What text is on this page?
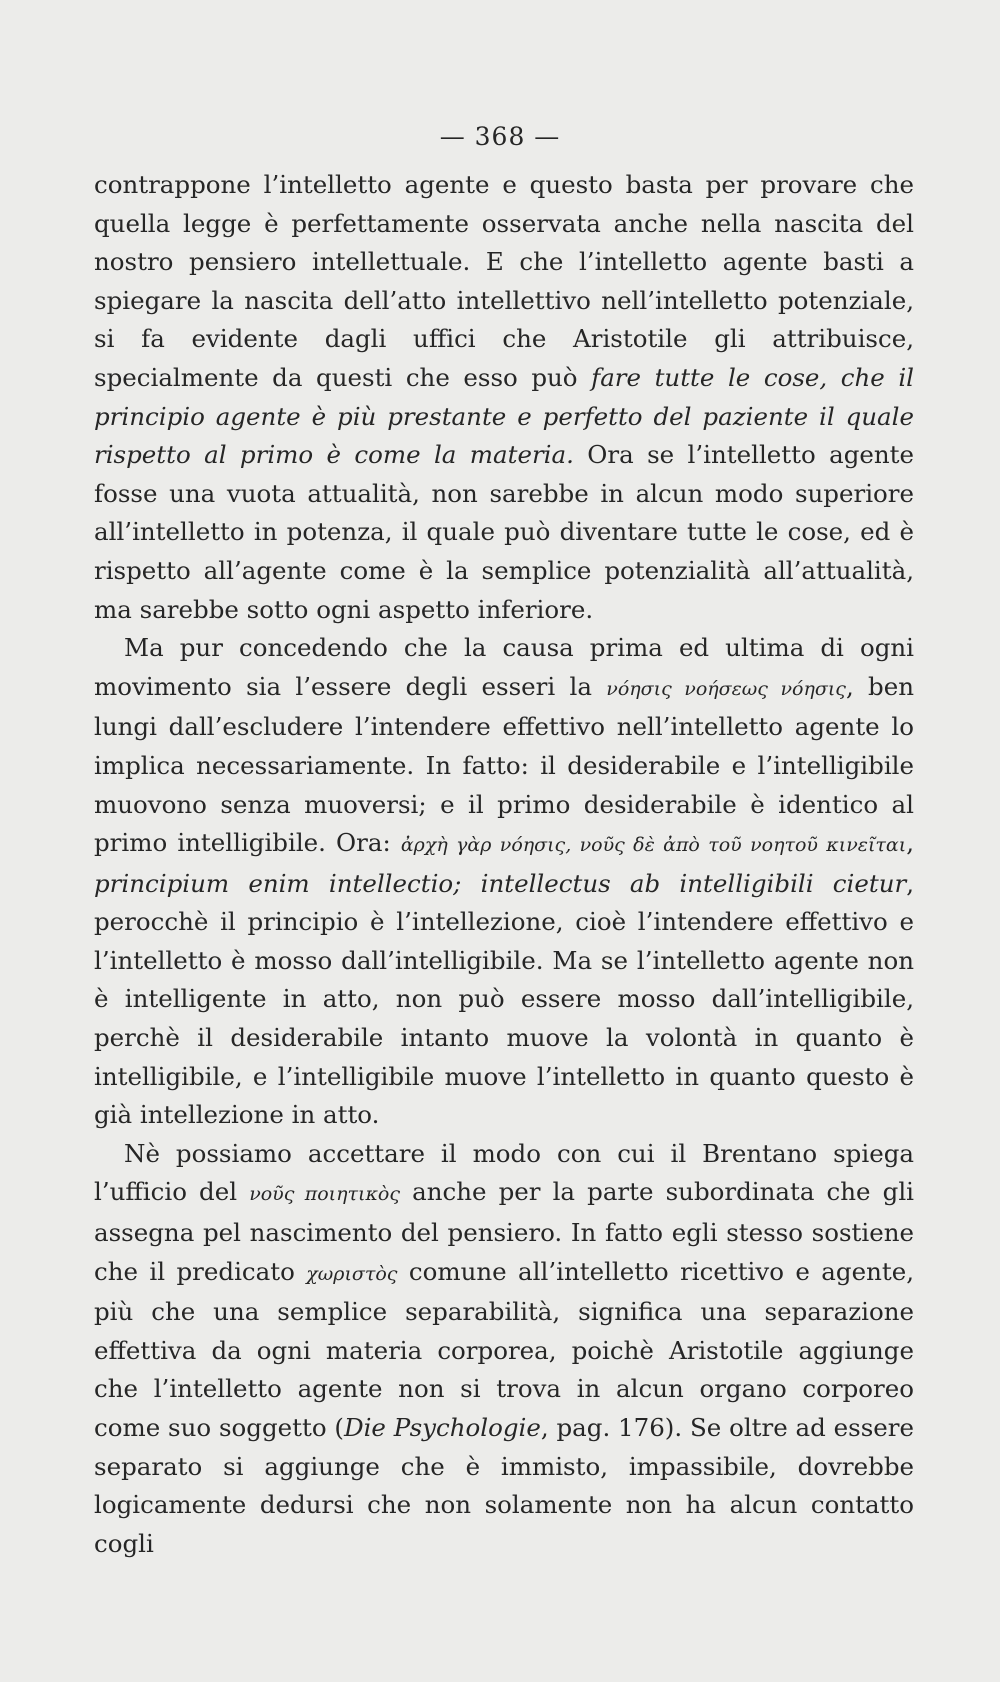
— 368 —

contrappone l’intelletto agente e questo basta per provare che quella legge è perfettamente osservata anche nella nascita del nostro pensiero intellettuale. E che l’intelletto agente basti a spiegare la nascita dell’atto intellettivo nell’intelletto potenziale, si fa evidente dagli uffici che Aristotile gli attribuisce, specialmente da questi che esso può fare tutte le cose, che il principio agente è più prestante e perfetto del paziente il quale rispetto al primo è come la materia. Ora se l’intelletto agente fosse una vuota attualità, non sarebbe in alcun modo superiore all’intelletto in potenza, il quale può diventare tutte le cose, ed è rispetto all’agente come è la semplice potenzialità all’attualità, ma sarebbe sotto ogni aspetto inferiore.

Ma pur concedendo che la causa prima ed ultima di ogni movimento sia l’essere degli esseri la νόησις νοήσεως νόησις, ben lungi dall’escludere l’intendere effettivo nell’intelletto agente lo implica necessariamente. In fatto: il desiderabile e l’intelligibile muovono senza muoversi; e il primo desiderabile è identico al primo intelligibile. Ora: ἀρχὴ γὰρ νόησις, νοῦς δὲ ἀπὸ τοῦ νοητοῦ κινεῖται, principium enim intellectio; intellectus ab intelligibili cietur, perocchè il principio è l’intellezione, cioè l’intendere effettivo e l’intelletto è mosso dall’intelligibile. Ma se l’intelletto agente non è intelligente in atto, non può essere mosso dall’intelligibile, perchè il desiderabile intanto muove la volontà in quanto è intelligibile, e l’intelligibile muove l’intelletto in quanto questo è già intellezione in atto.

Nè possiamo accettare il modo con cui il Brentano spiega l’ufficio del νοῦς ποιητικὸς anche per la parte subordinata che gli assegna pel nascimento del pensiero. In fatto egli stesso sostiene che il predicato χωριστὸς comune all’intelletto ricettivo e agente, più che una semplice separabilità, significa una separazione effettiva da ogni materia corporea, poichè Aristotile aggiunge che l’intelletto agente non si trova in alcun organo corporeo come suo soggetto (Die Psychologie, pag. 176). Se oltre ad essere separato si aggiunge che è immisto, impassibile, dovrebbe logicamente dedursi che non solamente non ha alcun contatto cogli
